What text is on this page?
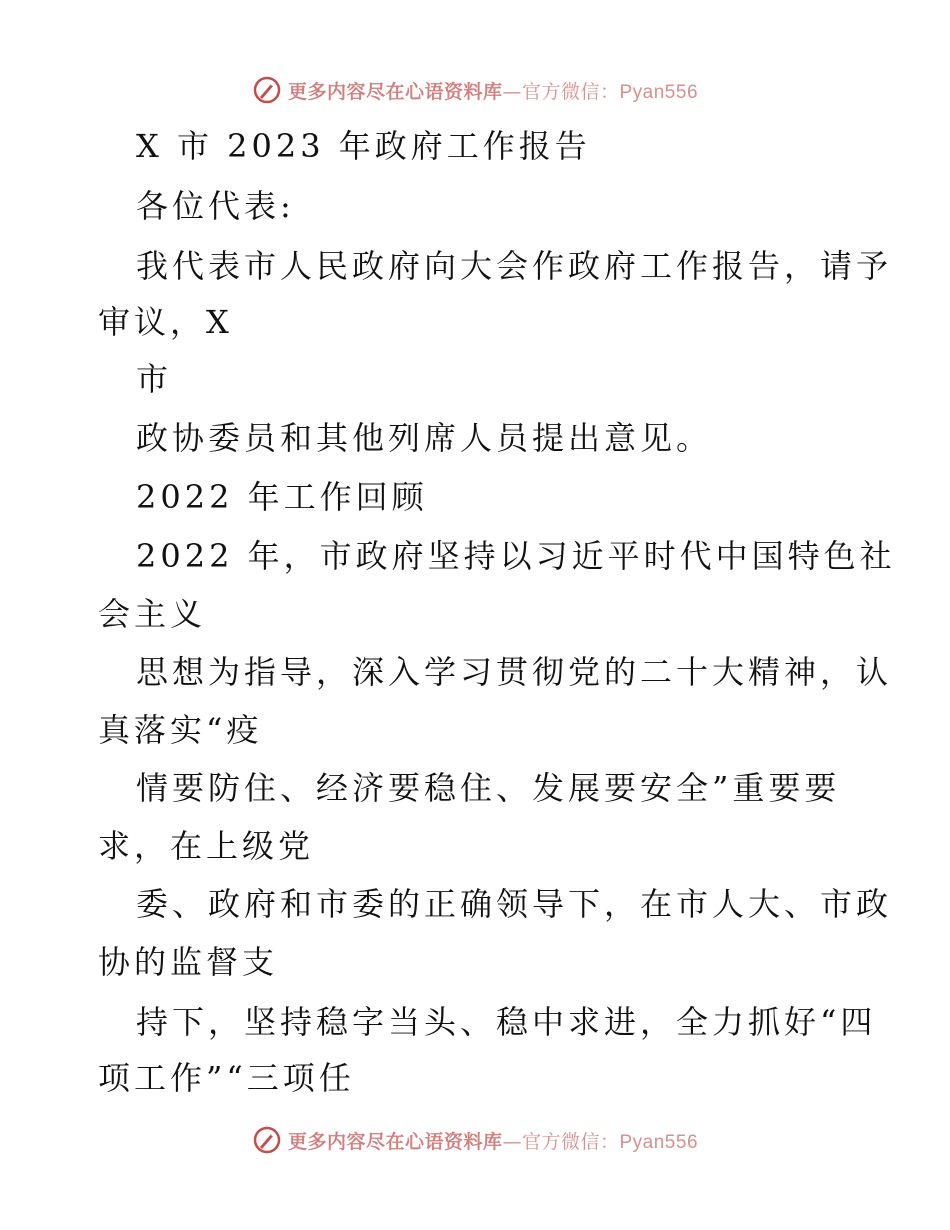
更多内容尽在心语资料库—官方微信：Pyan556
X 市 2023 年政府工作报告
各位代表:
我代表市人民政府向大会作政府工作报告，请予
审议，X
市
政协委员和其他列席人员提出意见。
2022 年工作回顾
2022 年，市政府坚持以习近平时代中国特色社
会主义
思想为指导，深入学习贯彻党的二十大精神，认
真落实“疫
情要防住、经济要稳住、发展要安全”重要要
求，在上级党
委、政府和市委的正确领导下，在市人大、市政
协的监督支
持下，坚持稳字当头、稳中求进，全力抓好“四
项工作”“三项任
更多内容尽在心语资料库—官方微信：Pyan556
